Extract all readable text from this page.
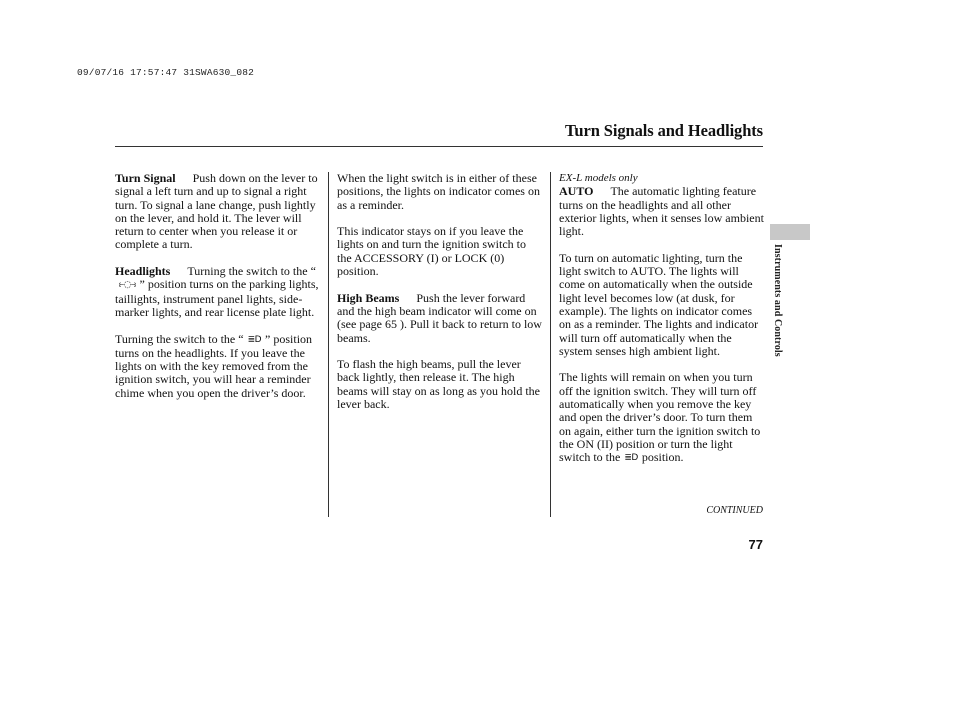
09/07/16 17:57:47 31SWA630_082
Turn Signals and Headlights
Instruments and Controls

Turn Signal Push down on the lever to signal a left turn and up to signal a right turn. To signal a lane change, push lightly on the lever, and hold it. The lever will return to center when you release it or complete a turn.

Headlights Turning the switch to the “⥼◌⥽ ” position turns on the parking lights, taillights, instrument panel lights, side-marker lights, and rear license plate light.

Turning the switch to the “ ≣D ” position turns on the headlights. If you leave the lights on with the key removed from the ignition switch, you will hear a reminder chime when you open the driver’s door.

When the light switch is in either of these positions, the lights on indicator comes on as a reminder.

This indicator stays on if you leave the lights on and turn the ignition switch to the ACCESSORY (I) or LOCK (0) position.

High Beams Push the lever forward and the high beam indicator will come on (see page 65 ). Pull it back to return to low beams.

To flash the high beams, pull the lever back lightly, then release it. The high beams will stay on as long as you hold the lever back.

EX-L models only

AUTO The automatic lighting feature turns on the headlights and all other exterior lights, when it senses low ambient light.

To turn on automatic lighting, turn the light switch to AUTO. The lights will come on automatically when the outside light level becomes low (at dusk, for example). The lights on indicator comes on as a reminder. The lights and indicator will turn off automatically when the system senses high ambient light.

The lights will remain on when you turn off the ignition switch. They will turn off automatically when you remove the key and open the driver’s door. To turn them on again, either turn the ignition switch to the ON (II) position or turn the light switch to the ≣D position.

CONTINUED
77
